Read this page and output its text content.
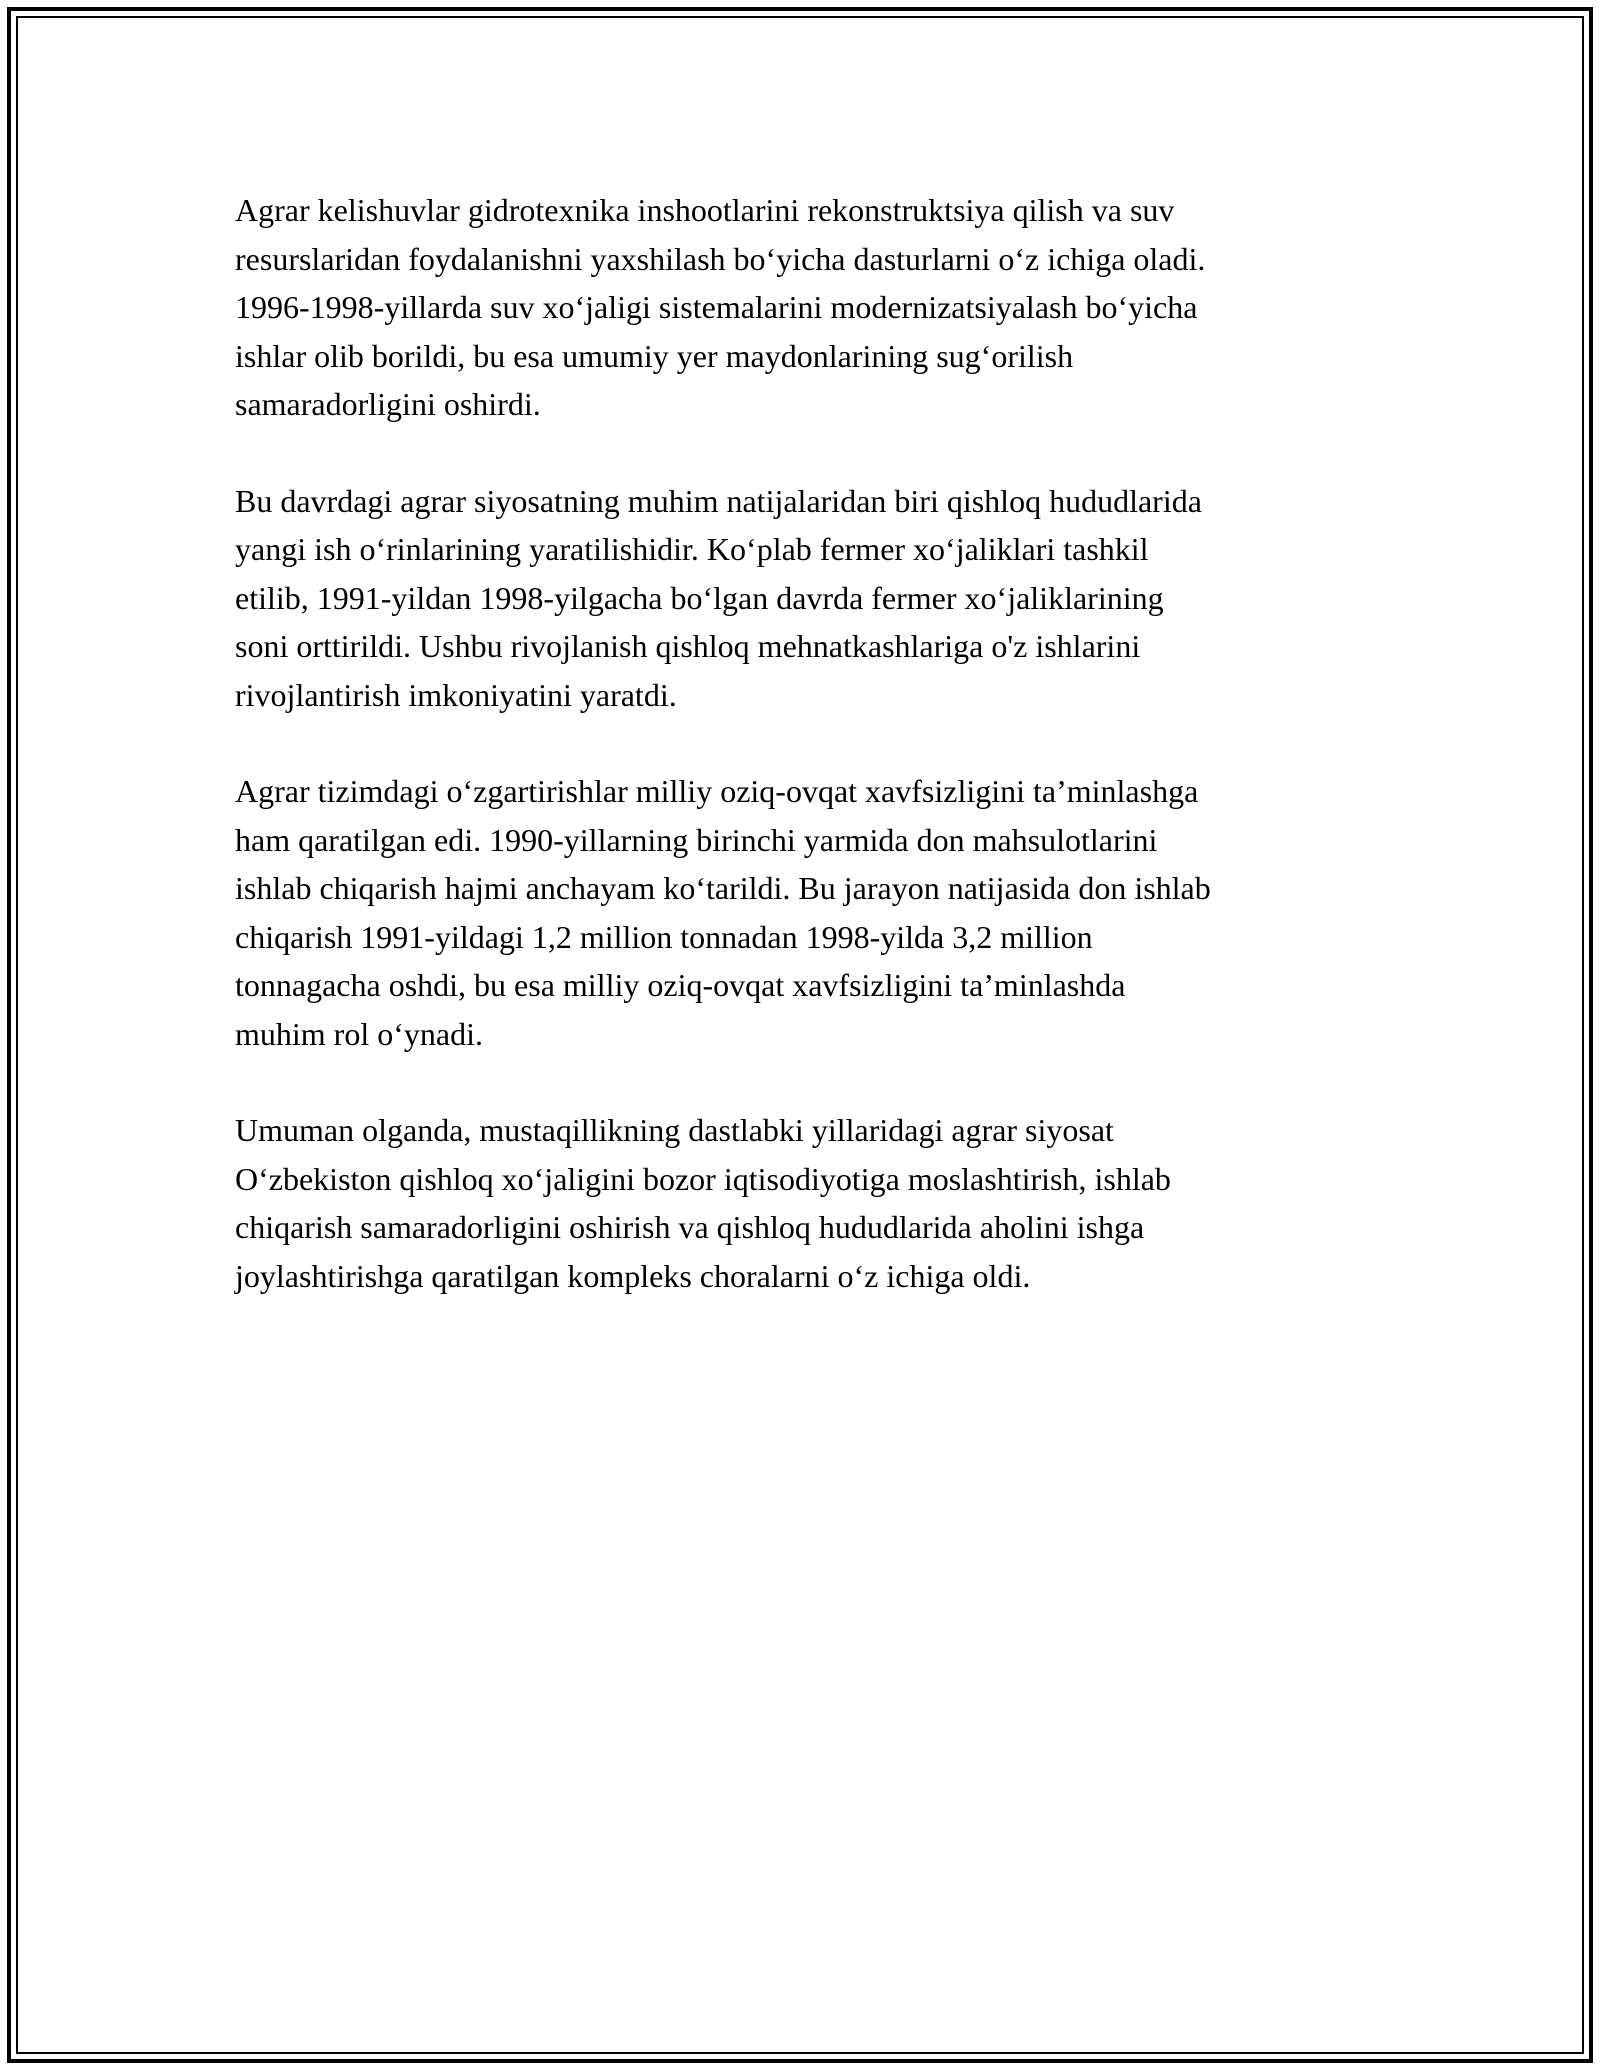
Agrar kelishuvlar gidrotexnika inshootlarini rekonstruktsiya qilish va suv
resurslaridan foydalanishni yaxshilash bo‘yicha dasturlarni o‘z ichiga oladi.
1996-1998-yillarda suv xo‘jaligi sistemalarini modernizatsiyalash bo‘yicha
ishlar olib borildi, bu esa umumiy yer maydonlarining sug‘orilish
samaradorligini oshirdi.

Bu davrdagi agrar siyosatning muhim natijalaridan biri qishloq hududlarida
yangi ish o‘rinlarining yaratilishidir. Ko‘plab fermer xo‘jaliklari tashkil
etilib, 1991-yildan 1998-yilgacha bo‘lgan davrda fermer xo‘jaliklarining
soni orttirildi. Ushbu rivojlanish qishloq mehnatkashlariga o'z ishlarini
rivojlantirish imkoniyatini yaratdi.

Agrar tizimdagi o‘zgartirishlar milliy oziq-ovqat xavfsizligini ta’minlashga
ham qaratilgan edi. 1990-yillarning birinchi yarmida don mahsulotlarini
ishlab chiqarish hajmi anchayam ko‘tarildi. Bu jarayon natijasida don ishlab
chiqarish 1991-yildagi 1,2 million tonnadan 1998-yilda 3,2 million
tonnagacha oshdi, bu esa milliy oziq-ovqat xavfsizligini ta’minlashda
muhim rol o‘ynadi.

Umuman olganda, mustaqillikning dastlabki yillaridagi agrar siyosat
O‘zbekiston qishloq xo‘jaligini bozor iqtisodiyotiga moslashtirish, ishlab
chiqarish samaradorligini oshirish va qishloq hududlarida aholini ishga
joylashtirishga qaratilgan kompleks choralarni o‘z ichiga oldi.
